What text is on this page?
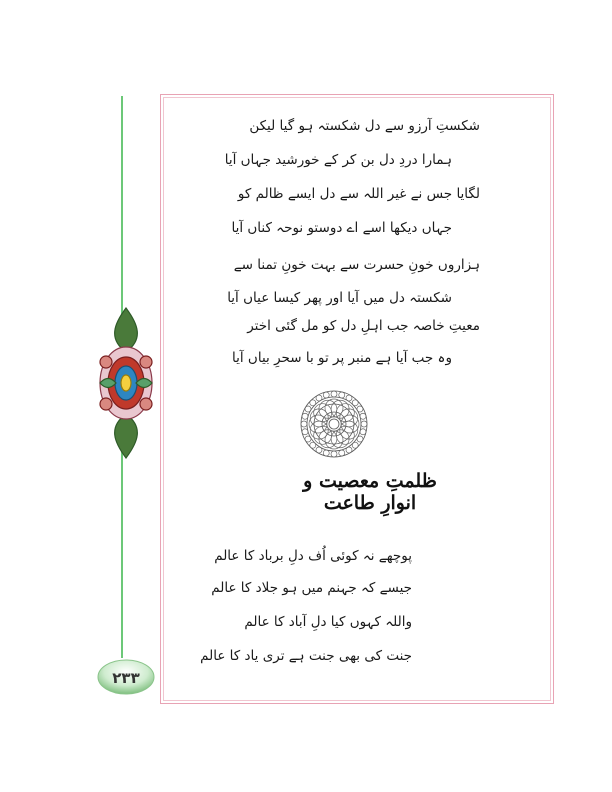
۲۳۳
شکستِ آرزو سے دل شکستہ ہو گیا لیکن
ہمارا دردِ دل بن کر کے خورشید جہاں آیا
لگایا جس نے غیر اللہ سے دل ایسے ظالم کو
جہاں دیکھا اسے اے دوستو نوحہ کناں آیا
ہزاروں خونِ حسرت سے بہت خونِ تمنا سے
شکستہ دل میں آیا اور پھر کیسا عیاں آیا
معیتِ خاصہ جب اہلِ دل کو مل گئی اختر
وہ جب آیا ہے منبر پر تو با سحرِ بیاں آیا
ظلمتِ معصیت و انوارِ طاعت
پوچھے نہ کوئی اُف دلِ برباد کا عالم
جیسے کہ جہنم میں ہو جلاد کا عالم
واللہ کہوں کیا دلِ آباد کا عالم
جنت کی بھی جنت ہے تری یاد کا عالم
